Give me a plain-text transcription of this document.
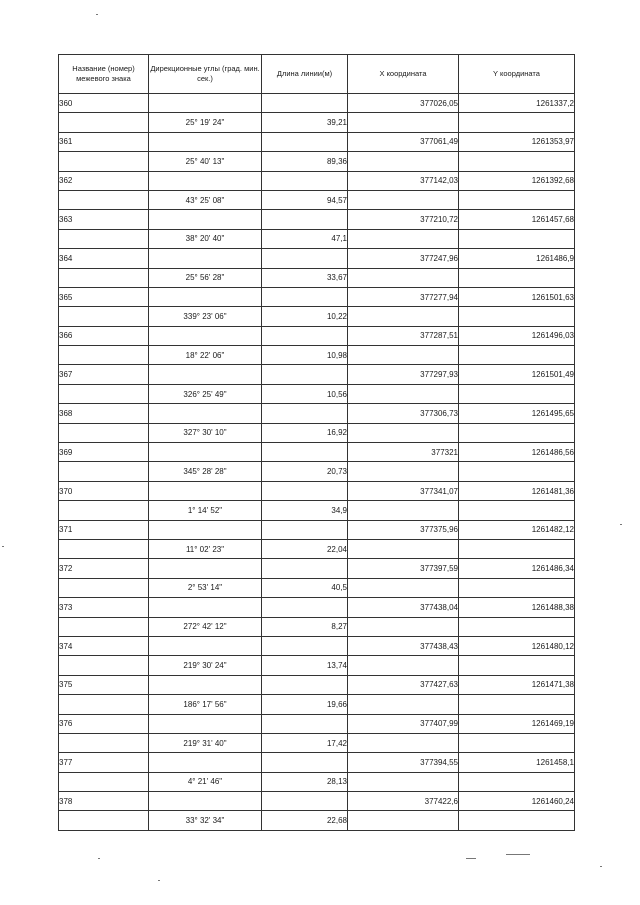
Название (номер) межевого знака	Дирекционные углы (град. мин. сек.)	Длина линии(м)	X координата	Y координата
360			377026,05	1261337,2
	25° 19' 24"	39,21		
361			377061,49	1261353,97
	25° 40' 13"	89,36		
362			377142,03	1261392,68
	43° 25' 08"	94,57		
363			377210,72	1261457,68
	38° 20' 40"	47,1		
364			377247,96	1261486,9
	25° 56' 28"	33,67		
365			377277,94	1261501,63
	339° 23' 06"	10,22		
366			377287,51	1261496,03
	18° 22' 06"	10,98		
367			377297,93	1261501,49
	326° 25' 49"	10,56		
368			377306,73	1261495,65
	327° 30' 10"	16,92		
369			377321	1261486,56
	345° 28' 28"	20,73		
370			377341,07	1261481,36
	1° 14' 52"	34,9		
371			377375,96	1261482,12
	11° 02' 23"	22,04		
372			377397,59	1261486,34
	2° 53' 14"	40,5		
373			377438,04	1261488,38
	272° 42' 12"	8,27		
374			377438,43	1261480,12
	219° 30' 24"	13,74		
375			377427,63	1261471,38
	186° 17' 56"	19,66		
376			377407,99	1261469,19
	219° 31' 40"	17,42		
377			377394,55	1261458,1
	4° 21' 46"	28,13		
378			377422,6	1261460,24
	33° 32' 34"	22,68		
